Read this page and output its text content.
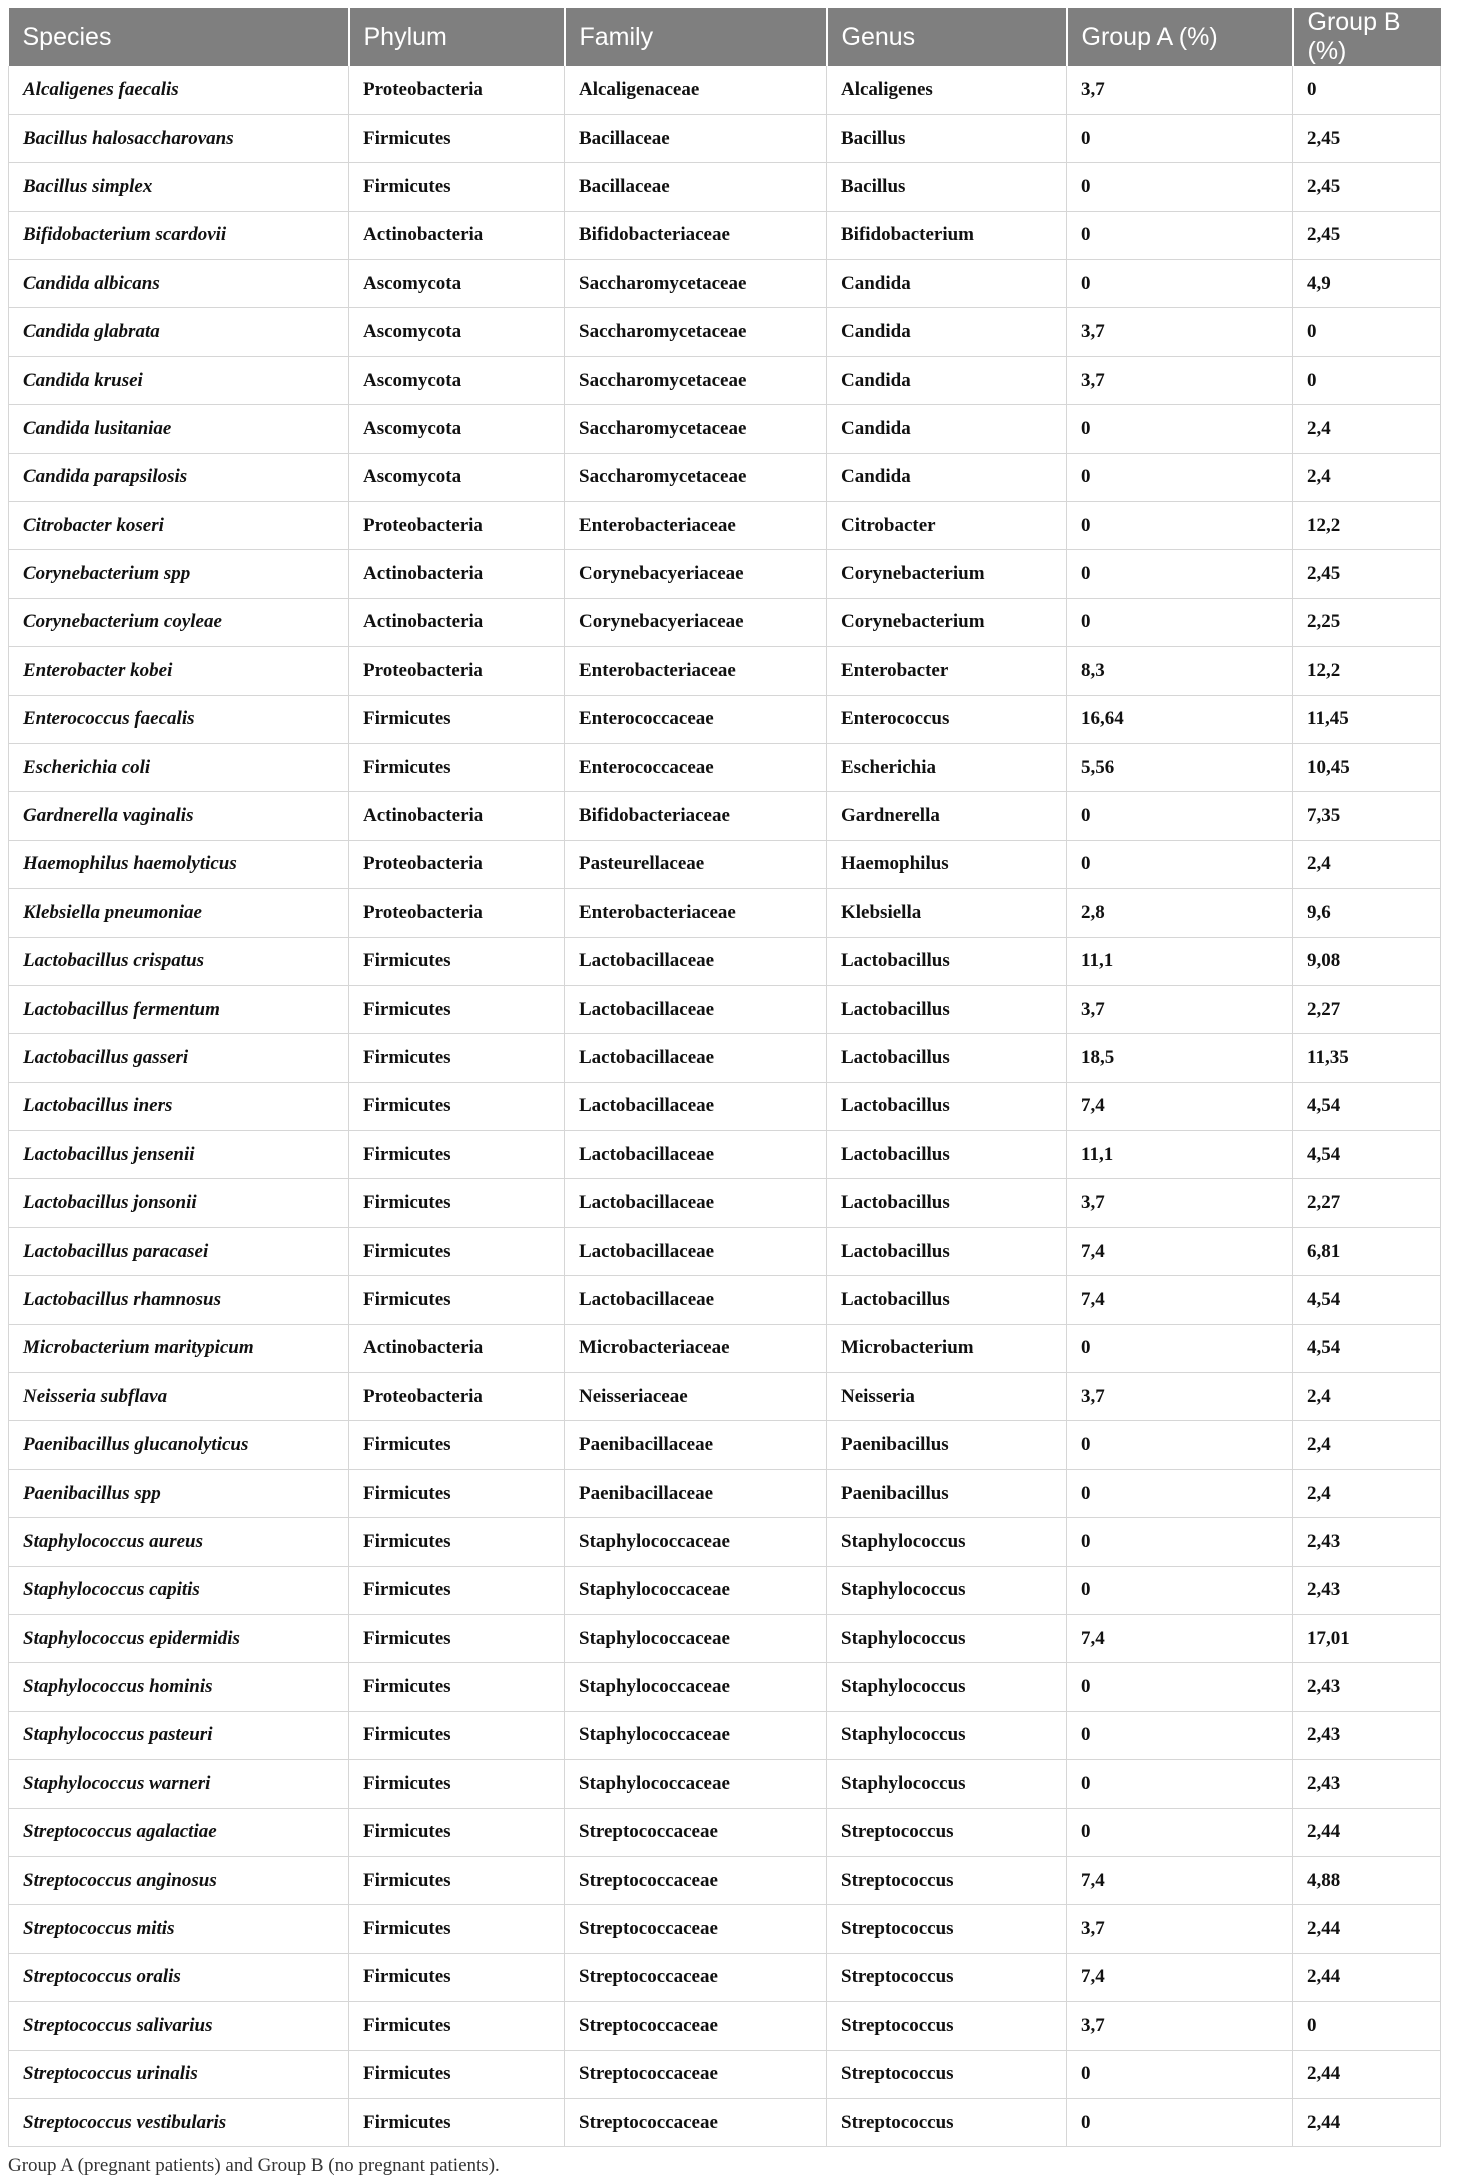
Species	Phylum	Family	Genus	Group A (%)	Group B (%)
Alcaligenes faecalis	Proteobacteria	Alcaligenaceae	Alcaligenes	3,7	0
Bacillus halosaccharovans	Firmicutes	Bacillaceae	Bacillus	0	2,45
Bacillus simplex	Firmicutes	Bacillaceae	Bacillus	0	2,45
Bifidobacterium scardovii	Actinobacteria	Bifidobacteriaceae	Bifidobacterium	0	2,45
Candida albicans	Ascomycota	Saccharomycetaceae	Candida	0	4,9
Candida glabrata	Ascomycota	Saccharomycetaceae	Candida	3,7	0
Candida krusei	Ascomycota	Saccharomycetaceae	Candida	3,7	0
Candida lusitaniae	Ascomycota	Saccharomycetaceae	Candida	0	2,4
Candida parapsilosis	Ascomycota	Saccharomycetaceae	Candida	0	2,4
Citrobacter koseri	Proteobacteria	Enterobacteriaceae	Citrobacter	0	12,2
Corynebacterium spp	Actinobacteria	Corynebacyeriaceae	Corynebacterium	0	2,45
Corynebacterium coyleae	Actinobacteria	Corynebacyeriaceae	Corynebacterium	0	2,25
Enterobacter kobei	Proteobacteria	Enterobacteriaceae	Enterobacter	8,3	12,2
Enterococcus faecalis	Firmicutes	Enterococcaceae	Enterococcus	16,64	11,45
Escherichia coli	Firmicutes	Enterococcaceae	Escherichia	5,56	10,45
Gardnerella vaginalis	Actinobacteria	Bifidobacteriaceae	Gardnerella	0	7,35
Haemophilus haemolyticus	Proteobacteria	Pasteurellaceae	Haemophilus	0	2,4
Klebsiella pneumoniae	Proteobacteria	Enterobacteriaceae	Klebsiella	2,8	9,6
Lactobacillus crispatus	Firmicutes	Lactobacillaceae	Lactobacillus	11,1	9,08
Lactobacillus fermentum	Firmicutes	Lactobacillaceae	Lactobacillus	3,7	2,27
Lactobacillus gasseri	Firmicutes	Lactobacillaceae	Lactobacillus	18,5	11,35
Lactobacillus iners	Firmicutes	Lactobacillaceae	Lactobacillus	7,4	4,54
Lactobacillus jensenii	Firmicutes	Lactobacillaceae	Lactobacillus	11,1	4,54
Lactobacillus jonsonii	Firmicutes	Lactobacillaceae	Lactobacillus	3,7	2,27
Lactobacillus paracasei	Firmicutes	Lactobacillaceae	Lactobacillus	7,4	6,81
Lactobacillus rhamnosus	Firmicutes	Lactobacillaceae	Lactobacillus	7,4	4,54
Microbacterium maritypicum	Actinobacteria	Microbacteriaceae	Microbacterium	0	4,54
Neisseria subflava	Proteobacteria	Neisseriaceae	Neisseria	3,7	2,4
Paenibacillus glucanolyticus	Firmicutes	Paenibacillaceae	Paenibacillus	0	2,4
Paenibacillus spp	Firmicutes	Paenibacillaceae	Paenibacillus	0	2,4
Staphylococcus aureus	Firmicutes	Staphylococcaceae	Staphylococcus	0	2,43
Staphylococcus capitis	Firmicutes	Staphylococcaceae	Staphylococcus	0	2,43
Staphylococcus epidermidis	Firmicutes	Staphylococcaceae	Staphylococcus	7,4	17,01
Staphylococcus hominis	Firmicutes	Staphylococcaceae	Staphylococcus	0	2,43
Staphylococcus pasteuri	Firmicutes	Staphylococcaceae	Staphylococcus	0	2,43
Staphylococcus warneri	Firmicutes	Staphylococcaceae	Staphylococcus	0	2,43
Streptococcus agalactiae	Firmicutes	Streptococcaceae	Streptococcus	0	2,44
Streptococcus anginosus	Firmicutes	Streptococcaceae	Streptococcus	7,4	4,88
Streptococcus mitis	Firmicutes	Streptococcaceae	Streptococcus	3,7	2,44
Streptococcus oralis	Firmicutes	Streptococcaceae	Streptococcus	7,4	2,44
Streptococcus salivarius	Firmicutes	Streptococcaceae	Streptococcus	3,7	0
Streptococcus urinalis	Firmicutes	Streptococcaceae	Streptococcus	0	2,44
Streptococcus vestibularis	Firmicutes	Streptococcaceae	Streptococcus	0	2,44
Group A (pregnant patients) and Group B (no pregnant patients).
